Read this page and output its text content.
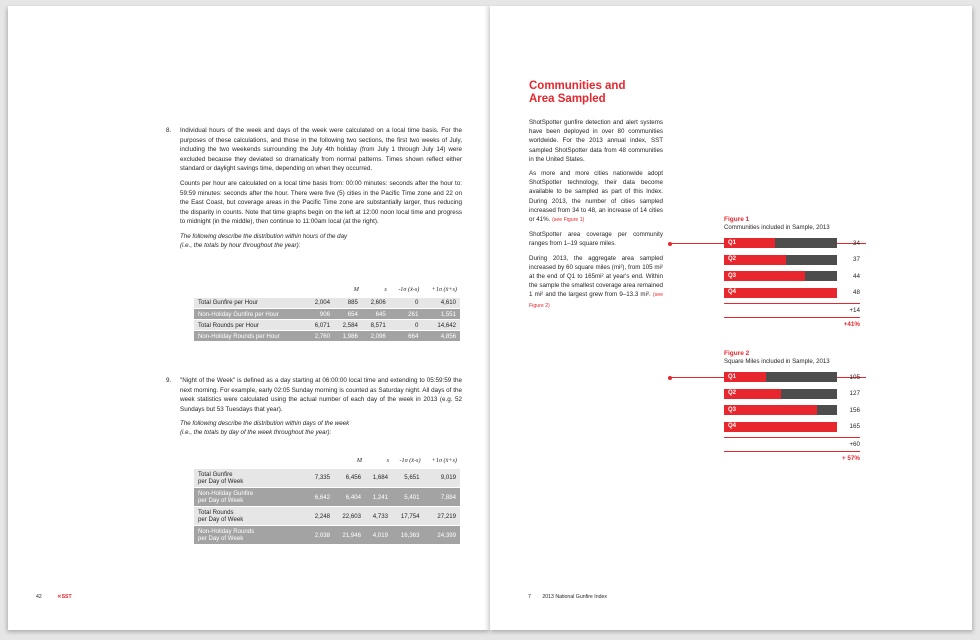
8. Individual hours of the week and days of the week were calculated on a local time basis. For the purposes of these calculations, and those in the following two sections, the first two weeks of July, including the two weekends surrounding the July 4th holiday (from July 1 through July 14) were excluded because they deviated so dramatically from normal patterns. Times shown reflect either standard or daylight savings time, depending on when they occurred.

Counts per hour are calculated on a local time basis from: 00:00 minutes: seconds after the hour to: 59:59 minutes: seconds after the hour. There were five (5) cities in the Pacific Time zone and 22 on the East Coast, but coverage areas in the Pacific Time zone are substantially larger, thus reducing the disparity in counts. Note that time graphs begin on the left at 12:00 noon local time and progress to midnight (in the middle), then continue to 11:00am local (at the right).

The following describe the distribution within hours of the day
(i.e., the totals by hour throughout the year):
		M	s	-1σ (x̄-s)	+1σ (x̄+s)
Total Gunfire per Hour	2,004	885	2,606	0	4,610
Non-Holiday Gunfire per Hour	906	654	645	261	1,551
Total Rounds per Hour	6,071	2,584	8,571	0	14,642
Non-Holiday Rounds per Hour	2,760	1,986	2,096	664	4,856
9. "Night of the Week" is defined as a day starting at 06:00:00 local time and extending to 05:59:59 the next morning. For example, early 02:05 Sunday morning is counted as Saturday night. All days of the week statistics were calculated using the actual number of each day of the week in 2013 (e.g. 52 Sundays but 53 Tuesdays that year).

The following describe the distribution within days of the week
(i.e., the totals by day of the week throughout the year):
		M	s	-1σ (x̄-s)	+1σ (x̄+s)
Total Gunfire
per Day of Week	7,335	6,456	1,684	5,651	9,019
Non-Holiday Gunfire
per Day of Week	6,642	6,404	1,241	5,401	7,884
Total Rounds
per Day of Week	2,248	22,603	4,733	17,754	27,219
Non-Holiday Rounds
per Day of Week	2,038	21,946	4,019	16,363	24,399
42	✕SST
Communities and
Area Sampled

ShotSpotter gunfire detection and alert systems have been deployed in over 80 communities worldwide. For the 2013 annual index, SST sampled ShotSpotter data from 48 communities in the United States.

As more and more cities nationwide adopt ShotSpotter technology, their data become available to be sampled as part of this Index. During 2013, the number of cities sampled increased from 34 to 48, an increase of 14 cities or 41%. (see Figure 1)

ShotSpotter area coverage per community ranges from 1–19 square miles.

During 2013, the aggregate area sampled increased by 60 square miles (mi²), from 105 mi² at the end of Q1 to 165mi² at year's end. Within the sample the smallest coverage area remained 1 mi² and the largest grew from 9–13.3 mi². (see Figure 2)

Figure 1
Communities included in Sample, 2013
Q1	34
Q2	37
Q3	44
Q4	48
+14
+41%
Figure 2
Square Miles included in Sample, 2013
Q1	105
Q2	127
Q3	156
Q4	165
+60
+ 57%
7 2013 National Gunfire Index
